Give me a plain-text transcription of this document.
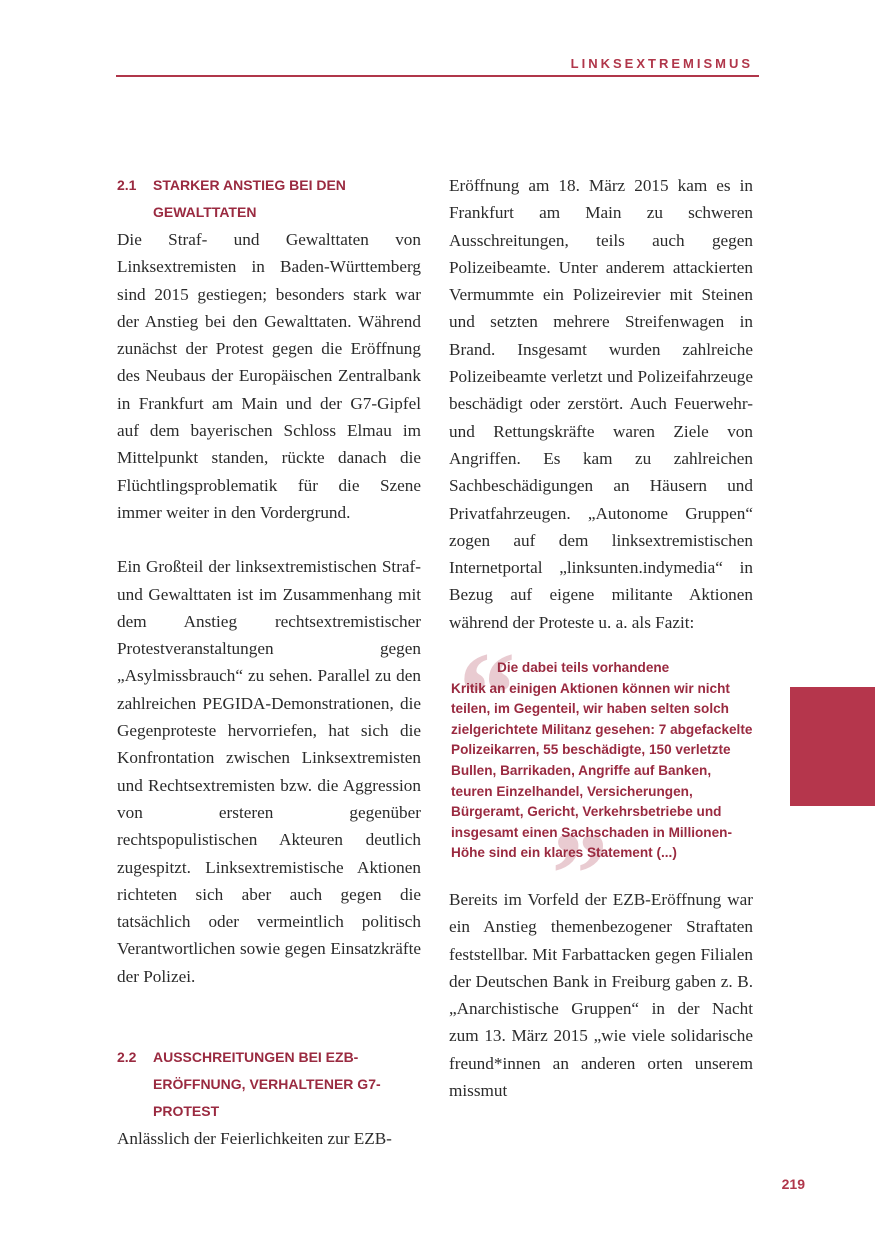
LINKSEXTREMISMUS
2.1 STARKER ANSTIEG BEI DEN GEWALTTATEN

Die Straf- und Gewalttaten von Linksextremisten in Baden-Württemberg sind 2015 gestiegen; besonders stark war der Anstieg bei den Gewalttaten. Während zunächst der Protest gegen die Eröffnung des Neubaus der Europäischen Zentralbank in Frankfurt am Main und der G7-Gipfel auf dem bayerischen Schloss Elmau im Mittelpunkt standen, rückte danach die Flüchtlingsproblematik für die Szene immer weiter in den Vordergrund.

Ein Großteil der linksextremistischen Straf- und Gewalttaten ist im Zusammenhang mit dem Anstieg rechtsextremistischer Protestveranstaltungen gegen „Asylmissbrauch“ zu sehen. Parallel zu den zahlreichen PEGIDA-Demonstrationen, die Gegenproteste hervorriefen, hat sich die Konfrontation zwischen Linksextremisten und Rechtsextremisten bzw. die Aggression von ersteren gegenüber rechtspopulistischen Akteuren deutlich zugespitzt. Linksextremistische Aktionen richteten sich aber auch gegen die tatsächlich oder vermeintlich politisch Verantwortlichen sowie gegen Einsatzkräfte der Polizei.

2.2 AUSSCHREITUNGEN BEI EZB-ERÖFFNUNG, VERHALTENER G7-PROTEST

Anlässlich der Feierlichkeiten zur EZB-

Eröffnung am 18. März 2015 kam es in Frankfurt am Main zu schweren Ausschreitungen, teils auch gegen Polizeibeamte. Unter anderem attackierten Vermummte ein Polizeirevier mit Steinen und setzten mehrere Streifenwagen in Brand. Insgesamt wurden zahlreiche Polizeibeamte verletzt und Polizeifahrzeuge beschädigt oder zerstört. Auch Feuerwehr- und Rettungskräfte waren Ziele von Angriffen. Es kam zu zahlreichen Sachbeschädigungen an Häusern und Privatfahrzeugen. „Autonome Gruppen“ zogen auf dem linksextremistischen Internetportal „linksunten.indymedia“ in Bezug auf eigene militante Aktionen während der Proteste u. a. als Fazit:

“
”
Die dabei teils vorhandene
Kritik an einigen Aktionen können wir nicht teilen, im Gegenteil, wir haben selten solch zielgerichtete Militanz gesehen: 7 abgefackelte Polizeikarren, 55 beschädigte, 150 verletzte Bullen, Barrikaden, Angriffe auf Banken, teuren Einzelhandel, Versicherungen, Bürgeramt, Gericht, Verkehrsbetriebe und insgesamt einen Sachschaden in Millionen-Höhe sind ein klares Statement (...)

Bereits im Vorfeld der EZB-Eröffnung war ein Anstieg themenbezogener Straftaten feststellbar. Mit Farbattacken gegen Filialen der Deutschen Bank in Freiburg gaben z. B. „Anarchistische Gruppen“ in der Nacht zum 13. März 2015 „wie viele solidarische freund*innen an anderen orten unserem missmut

219
